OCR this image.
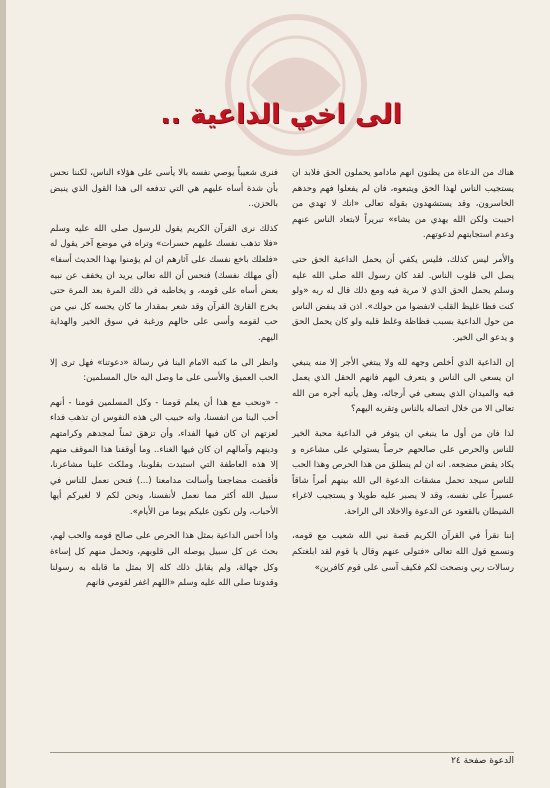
الى اخي الداعية ..

هناك من الدعاة من يظنون انهم مادامو يحملون الحق فلابد ان يستجيب الناس لهذا الحق ويتبعوه، فان لم يفعلوا فهم وحدهم الخاسرون، وقد يستشهدون بقوله تعالى «انك لا تهدي من احببت ولكن الله يهدي من يشاء» تبريراً لابتعاد الناس عنهم وعدم استجابتهم لدعوتهم.

والأمر ليس كذلك، فليس يكفي أن يحمل الداعية الحق حتى يصل الى قلوب الناس. لقد كان رسول الله صلى الله عليه وسلم يحمل الحق الذي لا مرية فيه ومع ذلك قال له ربه «ولو كنت فظا غليظ القلب لانفضوا من حولك». اذن قد ينفض الناس من حول الداعية بسبب فظاظة وغلظ قلبه ولو كان يحمل الحق و يدعو الى الخير.

إن الداعية الذي أخلص وجهه لله ولا يبتغي الأجر إلا منه ينبغي ان يسعى الى الناس و يتعرف اليهم فانهم الحقل الذي يعمل فيه والميدان الذي يسعى في أرجائه، وهل يأتيه أجره من الله تعالى الا من خلال اتصاله بالناس وتقربه اليهم؟

لذا فان من أول ما ينبغي ان يتوفر في الداعية محبة الخير للناس والحرص على صالحهم حرصاً يستولي على مشاعره و يكاد يقض مضجعه. انه ان لم ينطلق من هذا الحرص وهذا الحب للناس سيجد تحمل مشقات الدعوة الى الله بينهم أمراً شاقاً عسيراً على نفسه، وقد لا يصبر عليه طويلا و يستجيب لاغراء الشيطان بالقعود عن الدعوة والاخلاد الى الراحة.

إننا نقرأ في القرآن الكريم قصة نبي الله شعيب مع قومه، ونسمع قول الله تعالى «فتولى عنهم وقال يا قوم لقد ابلغتكم رسالات ربي ونصحت لكم فكيف آسى على قوم كافرين»

فنرى شعيباً يوصي نفسه بالا يأسى على هؤلاء الناس، لكننا نحس بأن شدة أساه عليهم هي التي تدفعه الى هذا القول الذي ينبض بالحزن..

كذلك نرى القرآن الكريم يقول للرسول صلى الله عليه وسلم «فلا تذهب نفسك عليهم حسرات» وتراه في موضع آخر يقول له «فلعلك باخع نفسك على آثارهم ان لم يؤمنوا بهذا الحديث أسفا» (أي مهلك نفسك) فنحس أن الله تعالى يريد ان يخفف عن نبيه بعض أساه على قومه، و يخاطبه في ذلك المرة بعد المرة حتى يخرج القارئ القرآن وقد شعر بمقدار ما كان يحسه كل نبي من حب لقومه وأسى على حالهم ورغبة في سوق الخير والهداية اليهم.

وانظر الى ما كتبه الامام البنا في رسالة «دعوتنا» فهل ترى إلا الحب العميق والأسى على ما وصل اليه حال المسلمين:

- «ونحب مع هذا أن يعلم قومنا - وكل المسلمين قومنا - أنهم أحب الينا من انفسنا، وانه حبيب الى هذه النفوس ان تذهب فداء لعزتهم ان كان فيها الفداء، وأن تزهق ثمناً لمجدهم وكرامتهم ودينهم وآمالهم ان كان فيها الغناء.. وما أوقفنا هذا الموقف منهم إلا هذه العاطفة التي استبدت بقلوبنا، وملكت علينا مشاعرنا، فأقضت مضاجعنا وأسالت مدامعنا (...) فنحن نعمل للناس في سبيل الله أكثر مما نعمل لأنفسنا، ونحن لكم لا لغيركم أيها الأحباب، ولن نكون عليكم يوما من الأيام».

واذا أحس الداعية بمثل هذا الحرص على صالح قومه والحب لهم، بحث عن كل سبيل يوصله الى قلوبهم، وتحمل منهم كل إساءة وكل جهالة، ولم يقابل ذلك كله إلا بمثل ما قابله به رسولنا وقدوتنا صلى الله عليه وسلم «اللهم اغفر لقومي فانهم

الدعوة صفحة ٢٤
